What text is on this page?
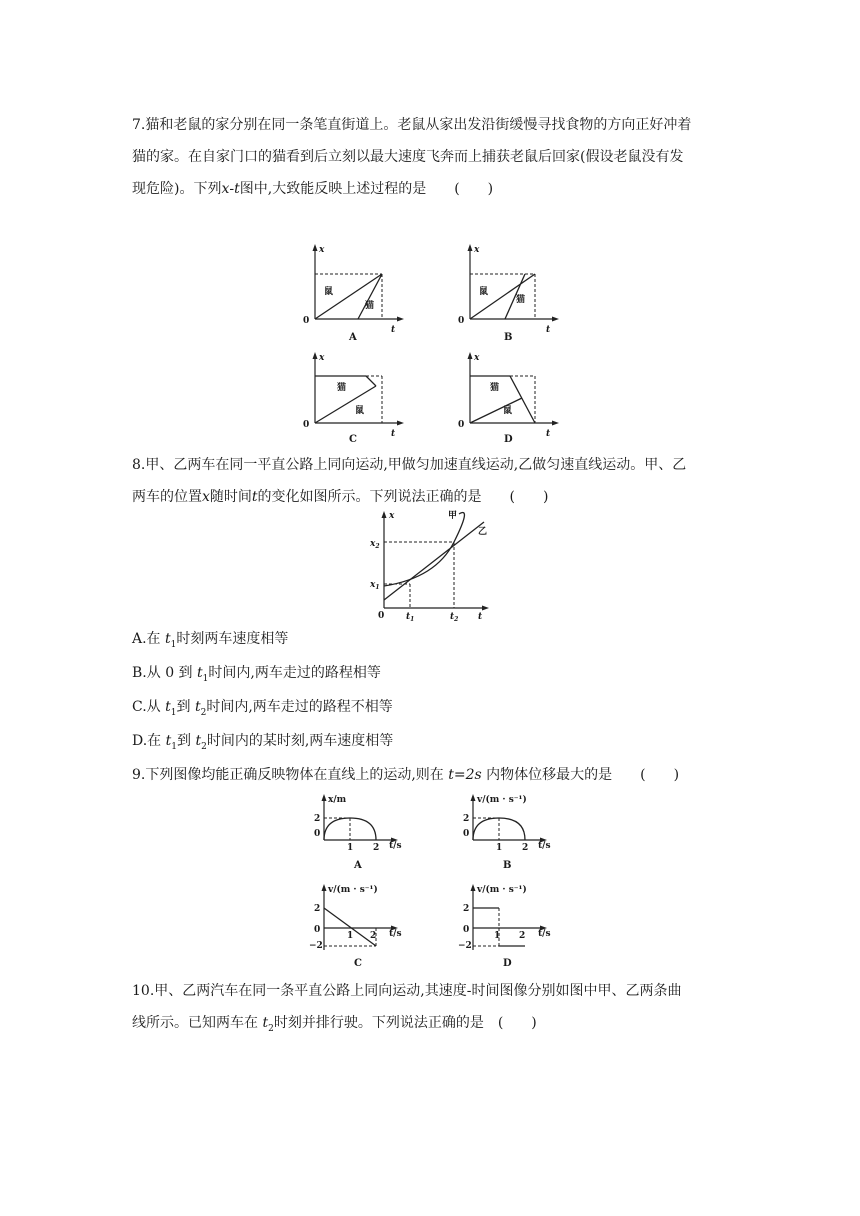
7.猫和老鼠的家分别在同一条笔直街道上。老鼠从家出发沿街缓慢寻找食物的方向正好冲着
猫的家。在自家门口的猫看到后立刻以最大速度飞奔而上捕获老鼠后回家(假设老鼠没有发
现危险)。下列x-t图中,大致能反映上述过程的是　　(　　)
x
t
0
鼠
猫
A
x
t
0
鼠
猫
B
x
t
0
猫
鼠
C
x
t
0
猫
鼠
D
8.甲、乙两车在同一平直公路上同向运动,甲做匀加速直线运动,乙做匀速直线运动。甲、乙
两车的位置x随时间t的变化如图所示。下列说法正确的是　　(　　)
x
t
0
$x_2$
$x_1$
$t_1$	$t_2$
甲
乙
A.在 $t_1$时刻两车速度相等
B.从 0 到 $t_1$时间内,两车走过的路程相等
C.从 $t_1$到 $t_2$时间内,两车走过的路程不相等
D.在 $t_1$到 $t_2$时间内的某时刻,两车速度相等
9.下列图像均能正确反映物体在直线上的运动,则在 t=2s 内物体位移最大的是　　(　　)
x/m
t/s
2
0
1 2
A
v/(m · s⁻¹)
t/s
2
0
1 2
B
v/(m · s⁻¹)
t/s
2
0
−2
1 2
C
v/(m · s⁻¹)
t/s
2
0
−2
1 2
D
10.甲、乙两汽车在同一条平直公路上同向运动,其速度-时间图像分别如图中甲、乙两条曲
线所示。已知两车在 $t_2$时刻并排行驶。下列说法正确的是　(　　)
